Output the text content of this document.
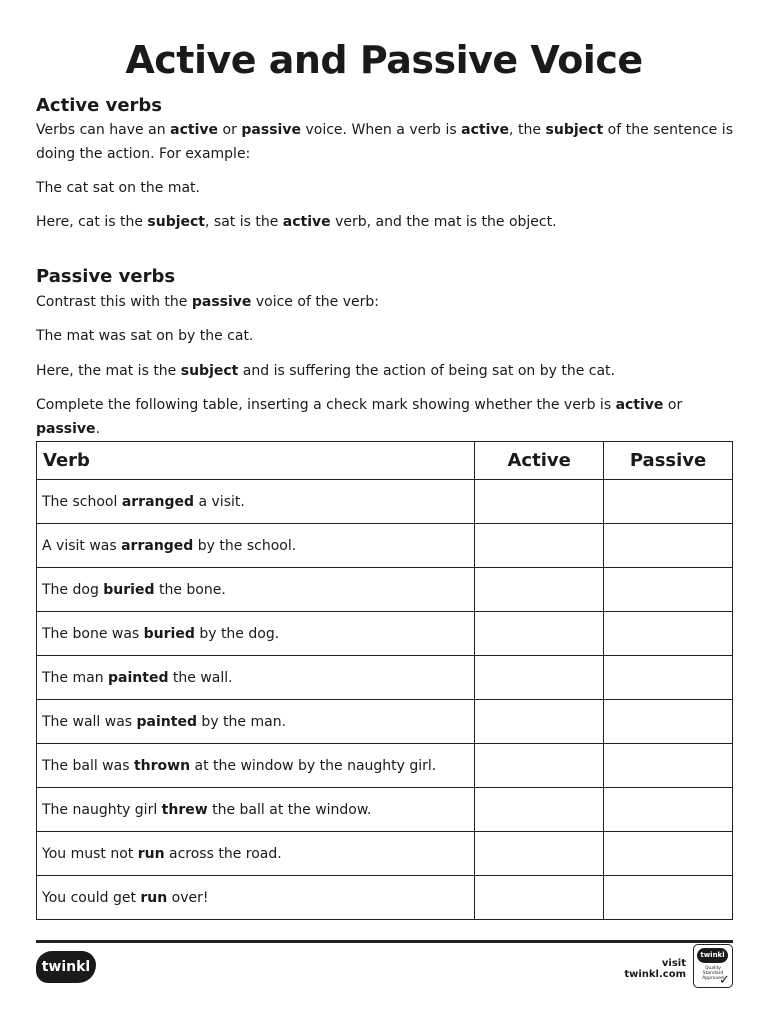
Active and Passive Voice
Active verbs

Verbs can have an active or passive voice. When a verb is active, the subject of the sentence is doing the action. For example:

The cat sat on the mat.

Here, cat is the subject, sat is the active verb, and the mat is the object.

Passive verbs

Contrast this with the passive voice of the verb:

The mat was sat on by the cat.

Here, the mat is the subject and is suffering the action of being sat on by the cat.

Complete the following table, inserting a check mark showing whether the verb is active or passive.

Verb	Active	Passive
The school arranged a visit.		
A visit was arranged by the school.		
The dog buried the bone.		
The bone was buried by the dog.		
The man painted the wall.		
The wall was painted by the man.		
The ball was thrown at the window by the naughty girl.		
The naughty girl threw the ball at the window.		
You must not run across the road.		
You could get run over!		
twinkl	visit twinkl.com
twinkl
Quality Standard Approved
✓
